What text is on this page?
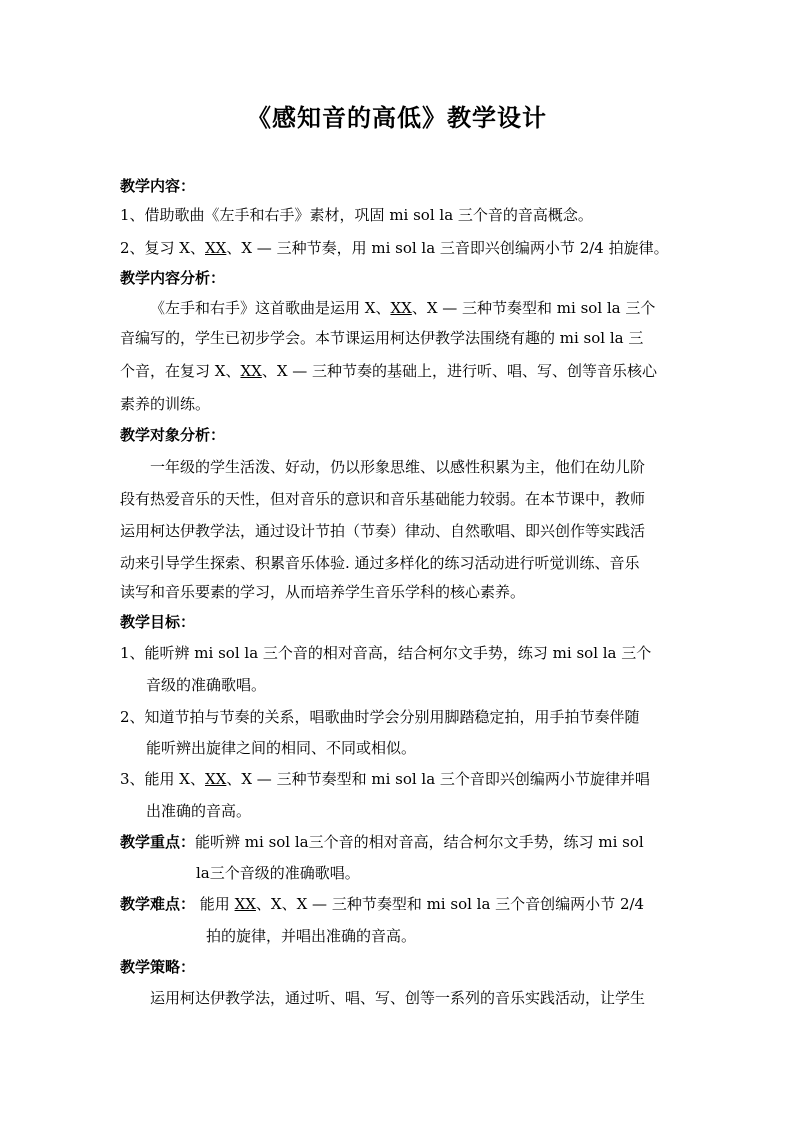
《感知音的高低》教学设计
教学内容：
1、借助歌曲《左手和右手》素材，巩固 mi sol la 三个音的音高概念。
2、复习 X、XX、X — 三种节奏，用 mi sol la 三音即兴创编两小节 2/4 拍旋律。
教学内容分析：
《左手和右手》这首歌曲是运用 X、XX、X — 三种节奏型和 mi sol la 三个
音编写的，学生已初步学会。本节课运用柯达伊教学法围绕有趣的 mi sol la 三
个音，在复习 X、XX、X — 三种节奏的基础上，进行听、唱、写、创等音乐核心
素养的训练。
教学对象分析：
一年级的学生活泼、好动，仍以形象思维、以感性积累为主，他们在幼儿阶
段有热爱音乐的天性，但对音乐的意识和音乐基础能力较弱。在本节课中，教师
运用柯达伊教学法，通过设计节拍（节奏）律动、自然歌唱、即兴创作等实践活
动来引导学生探索、积累音乐体验. 通过多样化的练习活动进行听觉训练、音乐
读写和音乐要素的学习，从而培养学生音乐学科的核心素养。
教学目标：
1、能听辨 mi sol la 三个音的相对音高，结合柯尔文手势，练习 mi sol la 三个
音级的准确歌唱。
2、知道节拍与节奏的关系，唱歌曲时学会分别用脚踏稳定拍，用手拍节奏伴随
能听辨出旋律之间的相同、不同或相似。
3、能用 X、XX、X — 三种节奏型和 mi sol la 三个音即兴创编两小节旋律并唱
出准确的音高。
教学重点：能听辨 mi sol la三个音的相对音高，结合柯尔文手势，练习 mi sol
la三个音级的准确歌唱。
教学难点： 能用 XX、X、X — 三种节奏型和 mi sol la 三个音创编两小节 2/4
拍的旋律，并唱出准确的音高。
教学策略：
运用柯达伊教学法，通过听、唱、写、创等一系列的音乐实践活动，让学生
